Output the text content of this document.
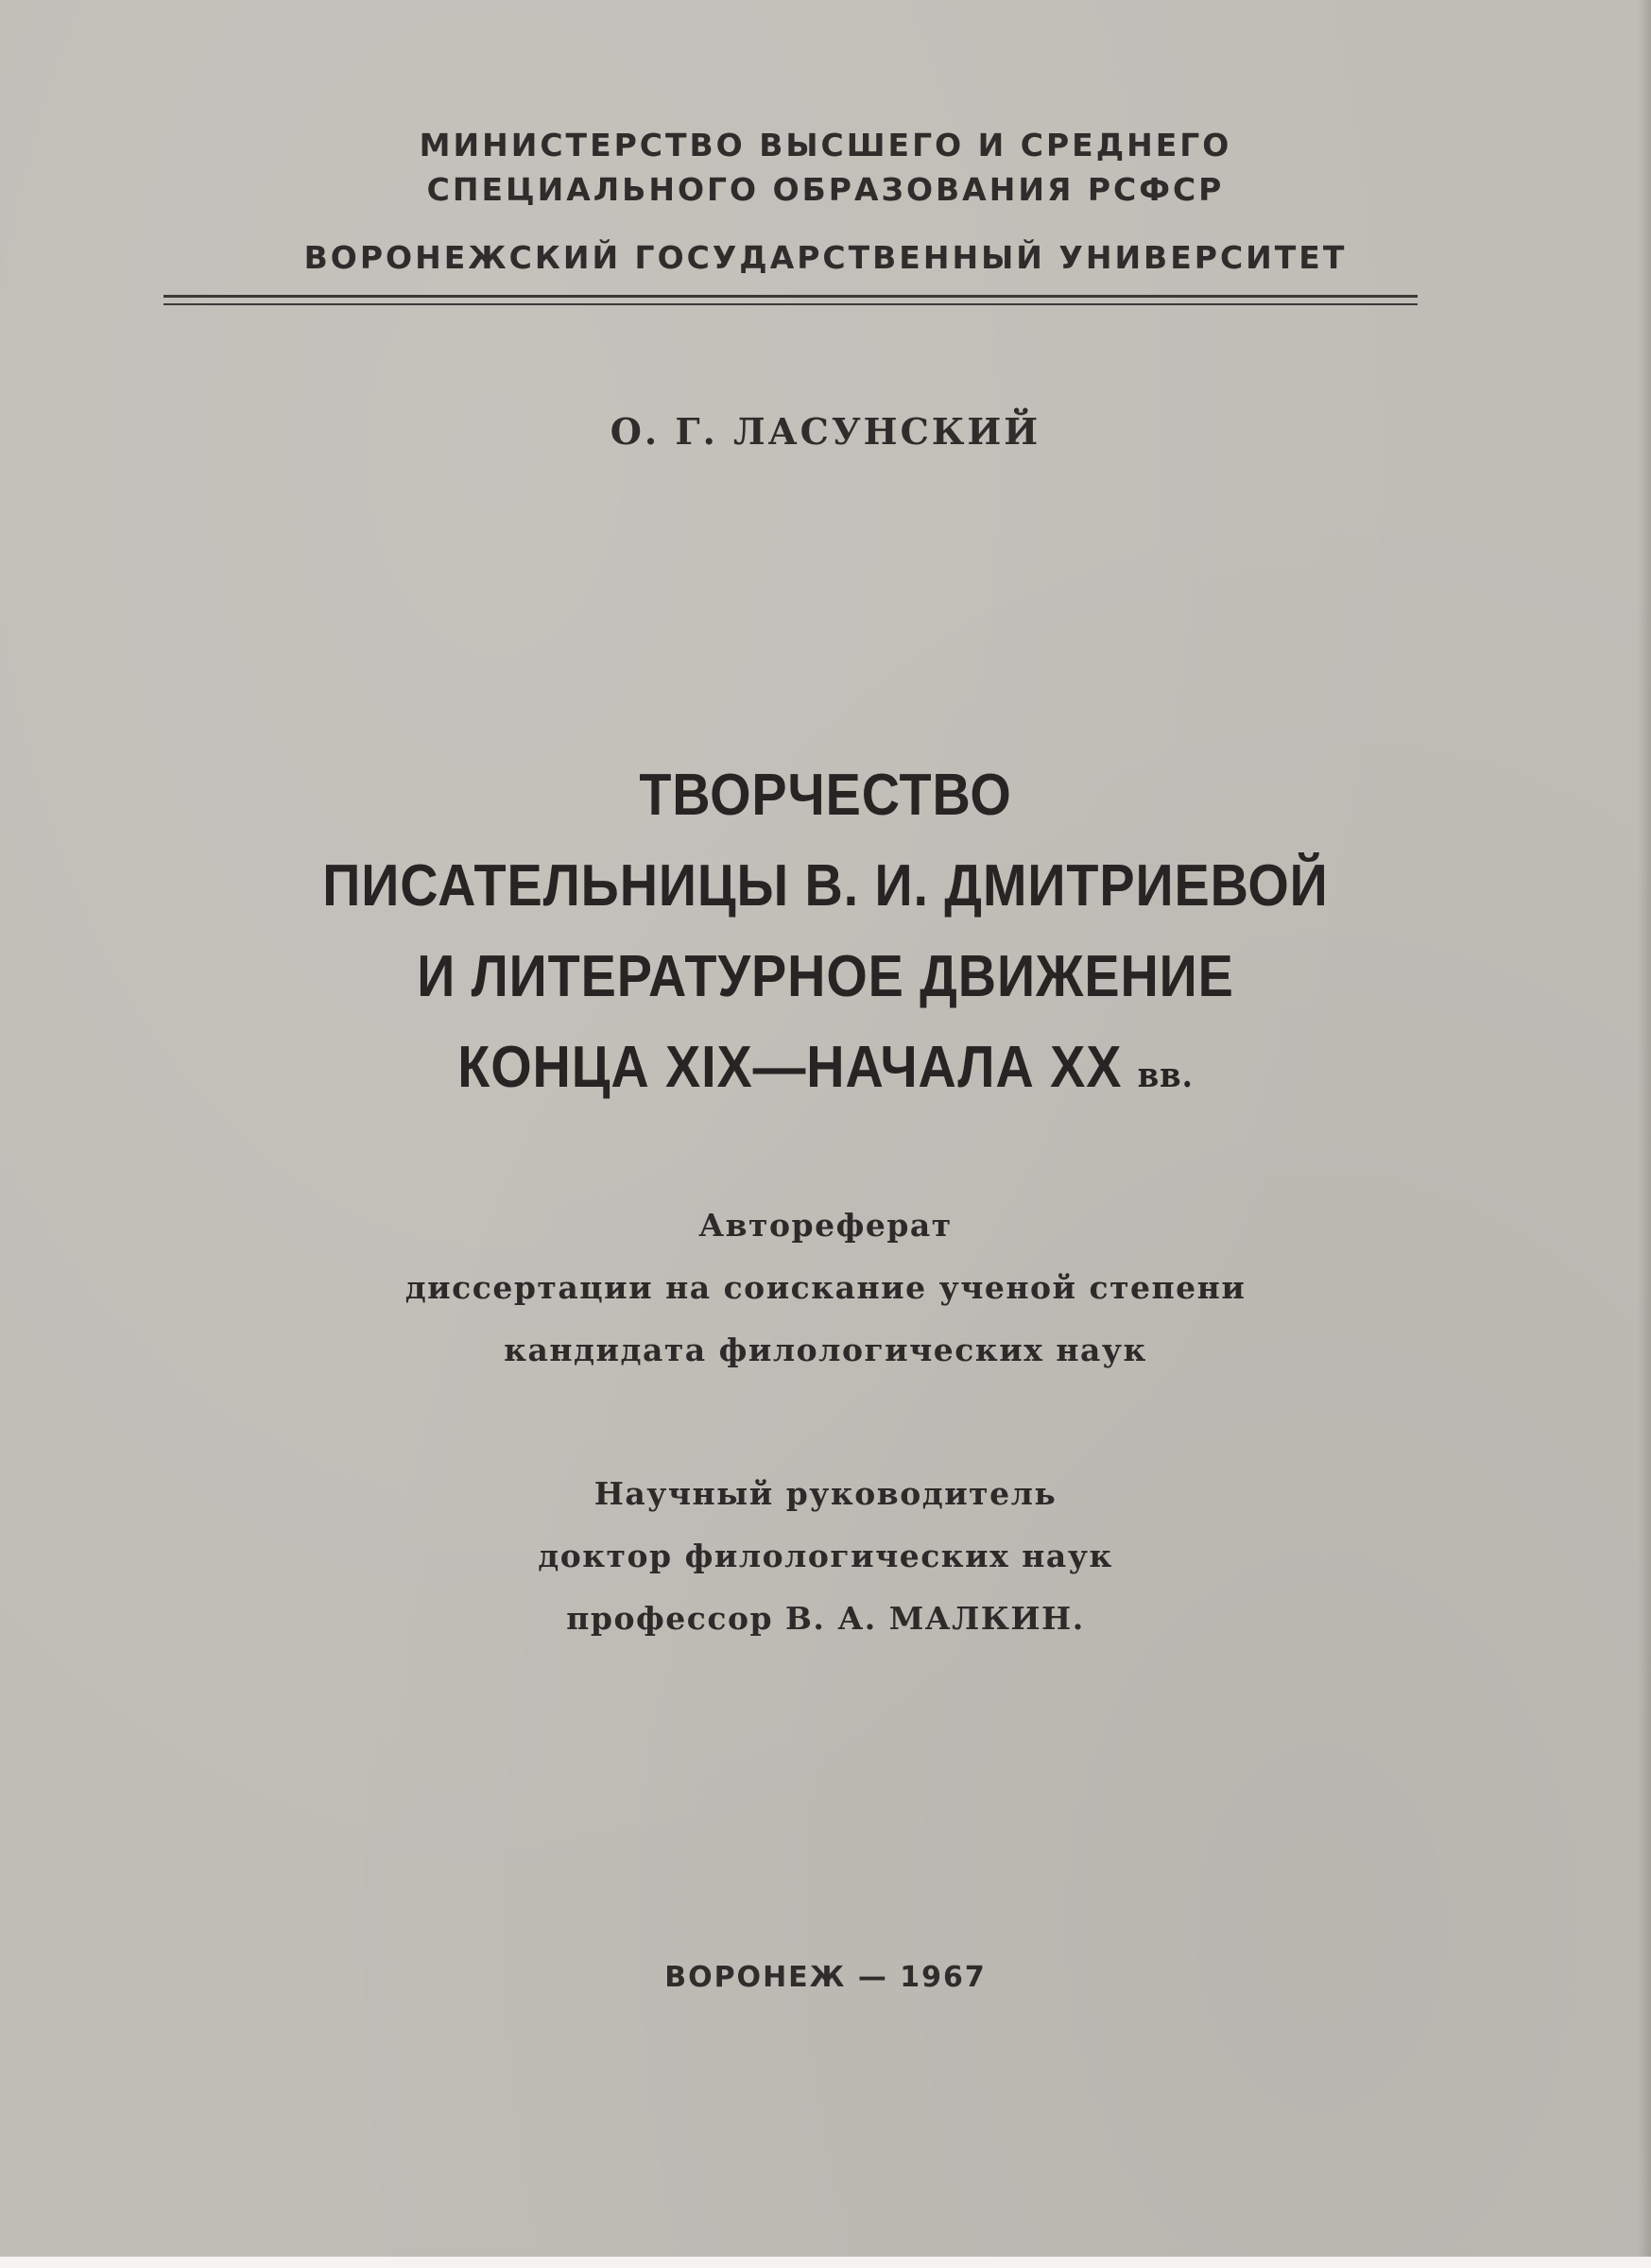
МИНИСТЕРСТВО ВЫСШЕГО И СРЕДНЕГО
СПЕЦИАЛЬНОГО ОБРАЗОВАНИЯ РСФСР
ВОРОНЕЖСКИЙ ГОСУДАРСТВЕННЫЙ УНИВЕРСИТЕТ
О. Г. ЛАСУНСКИЙ
ТВОРЧЕСТВО
ПИСАТЕЛЬНИЦЫ В. И. ДМИТРИЕВОЙ
И ЛИТЕРАТУРНОЕ ДВИЖЕНИЕ
КОНЦА XIX—НАЧАЛА XX вв.
Автореферат
диссертации на соискание ученой степени
кандидата филологических наук
Научный руководитель
доктор филологических наук
профессор В. А. МАЛКИН.
ВОРОНЕЖ — 1967
